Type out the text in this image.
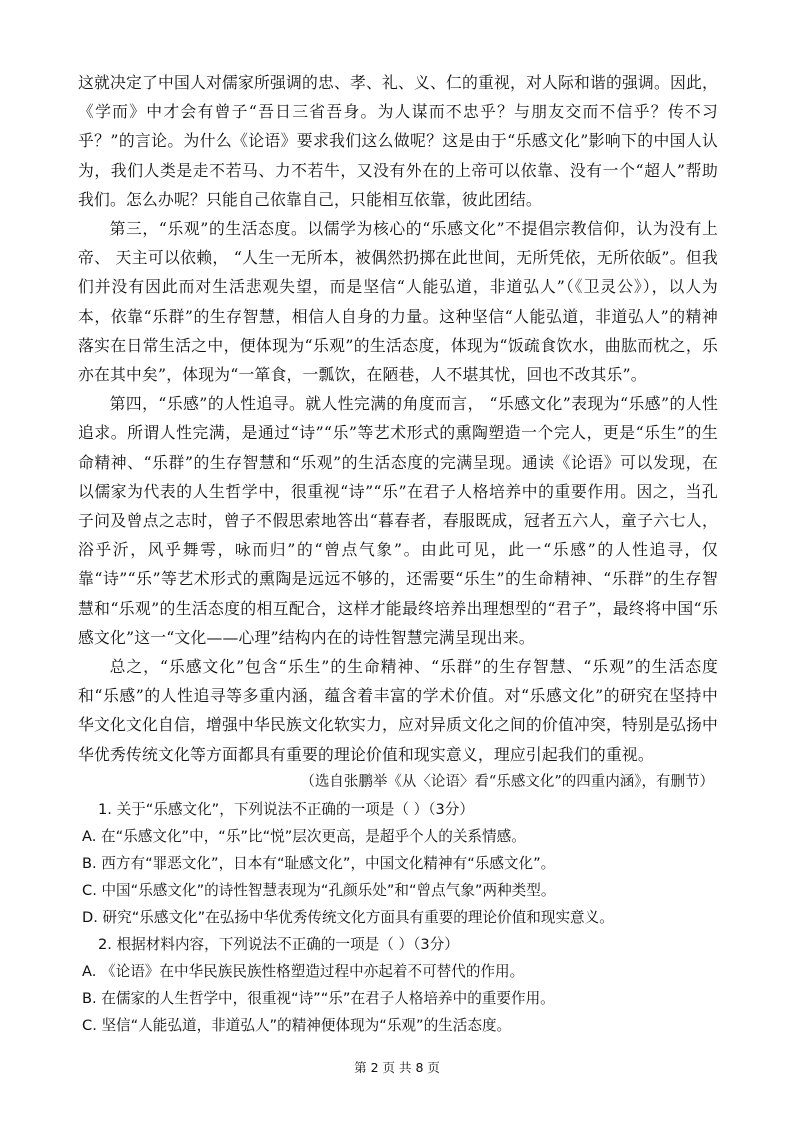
这就决定了中国人对儒家所强调的忠、孝、礼、义、仁的重视，对人际和谐的强调。因此，《学而》中才会有曾子“吾日三省吾身。为人谋而不忠乎？与朋友交而不信乎？传不习乎？”的言论。为什么《论语》要求我们这么做呢？这是由于“乐感文化”影响下的中国人认为，我们人类是走不若马、力不若牛，又没有外在的上帝可以依靠、没有一个“超人”帮助我们。怎么办呢？只能自己依靠自己，只能相互依靠，彼此团结。

第三，“乐观”的生活态度。以儒学为核心的“乐感文化”不提倡宗教信仰，认为没有上帝、 天主可以依赖， “人生一无所本，被偶然扔掷在此世间，无所凭依，无所依皈”。但我们并没有因此而对生活悲观失望，而是坚信“人能弘道，非道弘人”（《卫灵公》），以人为本，依靠“乐群”的生存智慧，相信人自身的力量。这种坚信“人能弘道，非道弘人”的精神落实在日常生活之中，便体现为“乐观”的生活态度，体现为“饭疏食饮水，曲肱而枕之，乐亦在其中矣”，体现为“一箪食，一瓢饮，在陋巷，人不堪其忧，回也不改其乐”。

第四，“乐感”的人性追寻。就人性完满的角度而言， “乐感文化”表现为“乐感”的人性追求。所谓人性完满，是通过“诗”“乐”等艺术形式的熏陶塑造一个完人，更是“乐生”的生命精神、“乐群”的生存智慧和“乐观”的生活态度的完满呈现。通读《论语》可以发现，在以儒家为代表的人生哲学中，很重视“诗”“乐”在君子人格培养中的重要作用。因之，当孔子问及曾点之志时，曾子不假思索地答出“暮春者，春服既成，冠者五六人，童子六七人，浴乎沂，风乎舞雩，咏而归”的“曾点气象”。由此可见，此一“乐感”的人性追寻，仅靠“诗”“乐”等艺术形式的熏陶是远远不够的，还需要“乐生”的生命精神、“乐群”的生存智慧和“乐观”的生活态度的相互配合，这样才能最终培养出理想型的“君子”，最终将中国“乐感文化”这一“文化——心理”结构内在的诗性智慧完满呈现出来。

总之，“乐感文化”包含“乐生”的生命精神、“乐群”的生存智慧、“乐观”的生活态度和“乐感”的人性追寻等多重内涵，蕴含着丰富的学术价值。对“乐感文化”的研究在坚持中华文化文化自信，增强中华民族文化软实力，应对异质文化之间的价值冲突，特别是弘扬中华优秀传统文化等方面都具有重要的理论价值和现实意义，理应引起我们的重视。

（选自张鹏举《从〈论语〉看“乐感文化”的四重内涵》，有删节）

1. 关于“乐感文化”，下列说法不正确的一项是（ ）（3分）

A. 在“乐感文化”中，“乐”比“悦”层次更高，是超乎个人的关系情感。

B. 西方有“罪恶文化”，日本有“耻感文化”，中国文化精神有“乐感文化”。

C. 中国“乐感文化”的诗性智慧表现为“孔颜乐处”和“曾点气象”两种类型。

D. 研究“乐感文化”在弘扬中华优秀传统文化方面具有重要的理论价值和现实意义。

2. 根据材料内容，下列说法不正确的一项是（ ）（3分）

A. 《论语》在中华民族民族性格塑造过程中亦起着不可替代的作用。

B. 在儒家的人生哲学中，很重视“诗”“乐”在君子人格培养中的重要作用。

C. 坚信“人能弘道，非道弘人”的精神便体现为“乐观”的生活态度。

第 2 页 共 8 页
